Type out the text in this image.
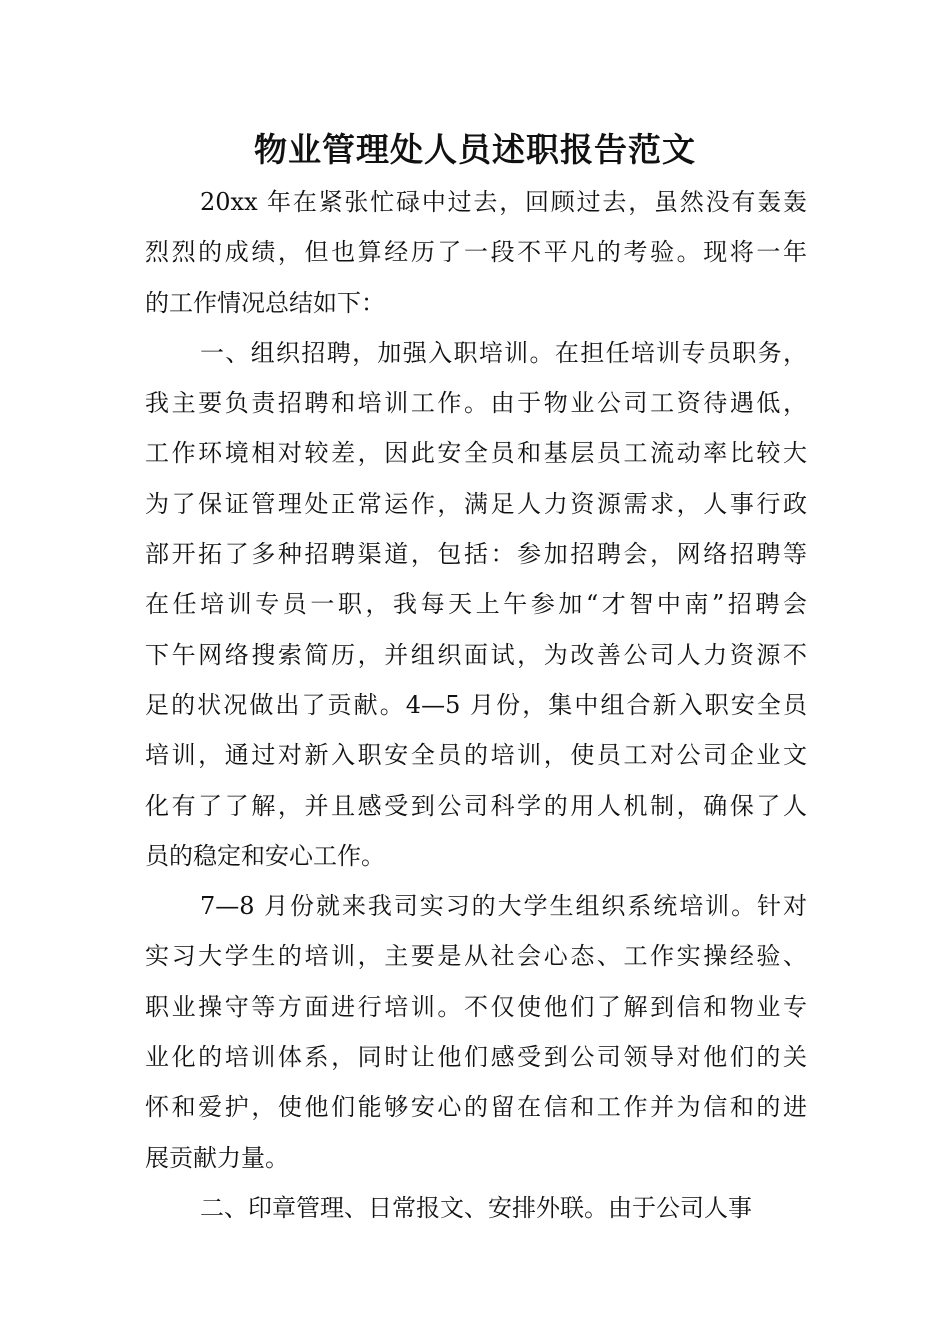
物业管理处人员述职报告范文
20xx 年在紧张忙碌中过去，回顾过去，虽然没有轰轰
烈烈的成绩，但也算经历了一段不平凡的考验。现将一年
的工作情况总结如下：
一、组织招聘，加强入职培训。在担任培训专员职务，
我主要负责招聘和培训工作。由于物业公司工资待遇低，
工作环境相对较差，因此安全员和基层员工流动率比较大
为了保证管理处正常运作，满足人力资源需求，人事行政
部开拓了多种招聘渠道，包括：参加招聘会，网络招聘等
在任培训专员一职，我每天上午参加“才智中南”招聘会
下午网络搜索简历，并组织面试，为改善公司人力资源不
足的状况做出了贡献。4—5 月份，集中组合新入职安全员
培训，通过对新入职安全员的培训，使员工对公司企业文
化有了了解，并且感受到公司科学的用人机制，确保了人
员的稳定和安心工作。
7—8 月份就来我司实习的大学生组织系统培训。针对
实习大学生的培训，主要是从社会心态、工作实操经验、
职业操守等方面进行培训。不仅使他们了解到信和物业专
业化的培训体系，同时让他们感受到公司领导对他们的关
怀和爱护，使他们能够安心的留在信和工作并为信和的进
展贡献力量。
二、印章管理、日常报文、安排外联。由于公司人事
